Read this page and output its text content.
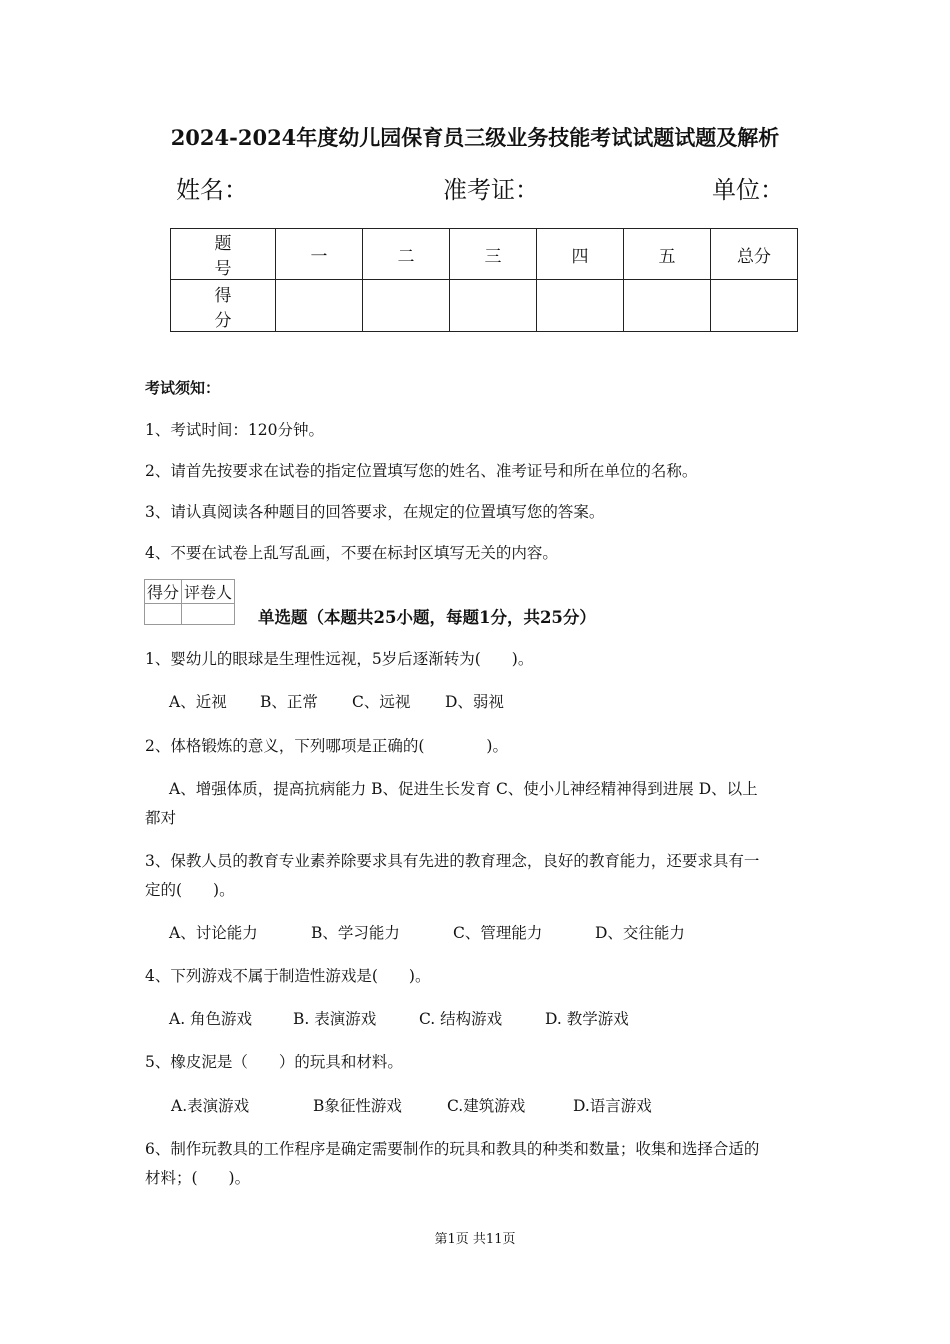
2024-2024年度幼儿园保育员三级业务技能考试试题试题及解析
姓名：	准考证：	单位：
题 号	一	二	三	四	五	总分
得 分						
考试须知：
1、考试时间：120分钟。
2、请首先按要求在试卷的指定位置填写您的姓名、准考证号和所在单位的名称。
3、请认真阅读各种题目的回答要求，在规定的位置填写您的答案。
4、不要在试卷上乱写乱画，不要在标封区填写无关的内容。
得分	评卷人

单选题（本题共25小题，每题1分，共25分）
1、婴幼儿的眼球是生理性远视，5岁后逐渐转为(　　)。
A、近视 B、正常 C、远视 D、弱视
2、体格锻炼的意义，下列哪项是正确的(　　　　)。
A、增强体质，提高抗病能力 B、促进生长发育 C、使小儿神经精神得到进展 D、以上
都对
3、保教人员的教育专业素养除要求具有先进的教育理念，良好的教育能力，还要求具有一
定的(　　)。
A、讨论能力	B、学习能力	C、管理能力	D、交往能力
4、下列游戏不属于制造性游戏是(　　)。
A. 角色游戏	B. 表演游戏	C. 结构游戏	D. 教学游戏
5、橡皮泥是（　　）的玩具和材料。
A.表演游戏	B象征性游戏	C.建筑游戏	D.语言游戏
6、制作玩教具的工作程序是确定需要制作的玩具和教具的种类和数量；收集和选择合适的
材料；(　　)。
第1页 共11页
